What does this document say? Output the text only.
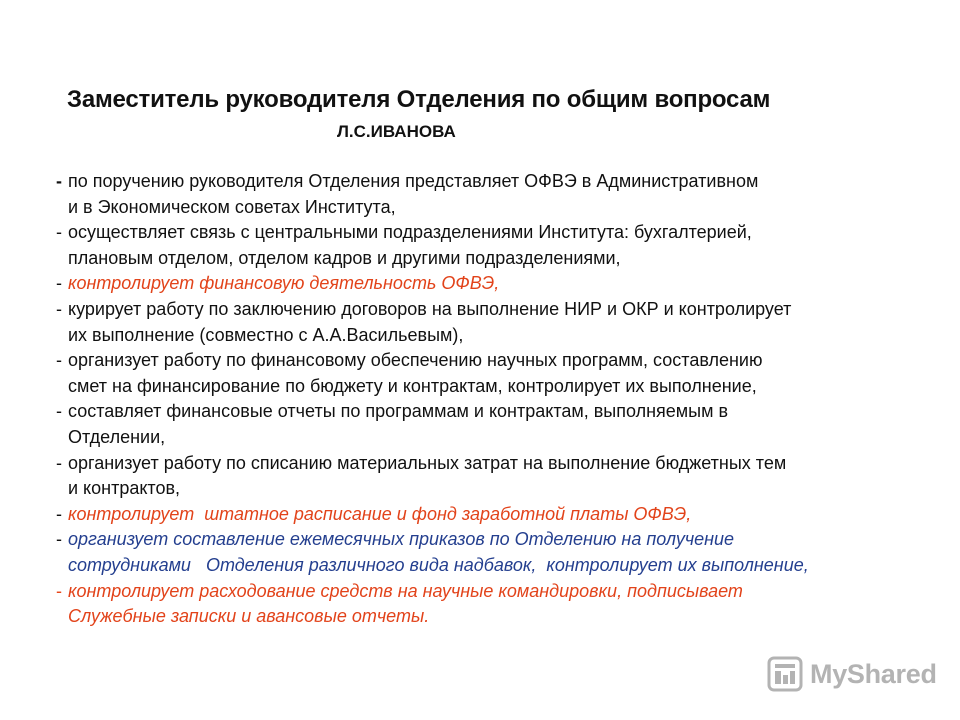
Заместитель руководителя Отделения по общим вопросам
Л.С.ИВАНОВА
- по поручению руководителя Отделения представляет ОФВЭ в Административном
и в Экономическом советах Института,
- осуществляет связь с центральными подразделениями Института: бухгалтерией,
плановым отделом, отделом кадров и другими подразделениями,
- контролирует финансовую деятельность ОФВЭ,
- курирует работу по заключению договоров на выполнение НИР и ОКР и контролирует
их выполнение (совместно с А.А.Васильевым),
- организует работу по финансовому обеспечению научных программ, составлению
смет на финансирование по бюджету и контрактам, контролирует их выполнение,
- составляет финансовые отчеты по программам и контрактам, выполняемым в
Отделении,
- организует работу по списанию материальных затрат на выполнение бюджетных тем
и контрактов,
- контролирует  штатное расписание и фонд заработной платы ОФВЭ,
- организует составление ежемесячных приказов по Отделению на получение
сотрудниками   Отделения различного вида надбавок,  контролирует их выполнение,
- контролирует расходование средств на научные командировки, подписывает
Служебные записки и авансовые отчеты.
MyShared
